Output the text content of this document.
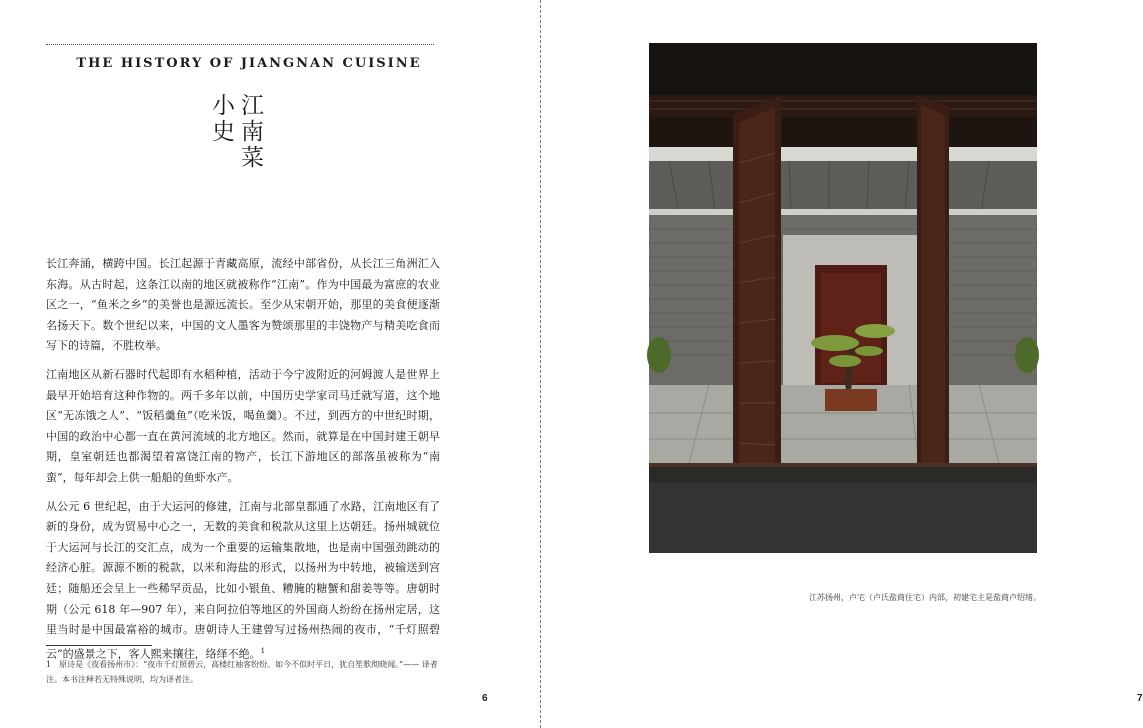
THE HISTORY OF JIANGNAN CUISINE
江
南
菜
小
史

长江奔涌，横跨中国。长江起源于青藏高原，流经中部省份，从长江三角洲汇入东海。从古时起，这条江以南的地区就被称作“江南”。作为中国最为富庶的农业区之一，“鱼米之乡”的美誉也是源远流长。至少从宋朝开始，那里的美食便逐渐名扬天下。数个世纪以来，中国的文人墨客为赞颂那里的丰饶物产与精美吃食而写下的诗篇，不胜枚举。

江南地区从新石器时代起即有水稻种植，活动于今宁波附近的河姆渡人是世界上最早开始培育这种作物的。两千多年以前，中国历史学家司马迁就写道，这个地区“无冻饿之人”、“饭稻羹鱼”（吃米饭，喝鱼羹）。不过，到西方的中世纪时期，中国的政治中心都一直在黄河流域的北方地区。然而，就算是在中国封建王朝早期，皇室朝廷也都渴望着富饶江南的物产，长江下游地区的部落虽被称为“南蛮”，每年却会上供一船船的鱼虾水产。

从公元 6 世纪起，由于大运河的修建，江南与北部皇都通了水路，江南地区有了新的身份，成为贸易中心之一，无数的美食和税款从这里上达朝廷。扬州城就位于大运河与长江的交汇点，成为一个重要的运输集散地，也是南中国强劲跳动的经济心脏。源源不断的税款，以米和海盐的形式，以扬州为中转地，被输送到宫廷；随船还会呈上一些稀罕贡品，比如小银鱼、糟腌的糖蟹和甜姜等等。唐朝时期（公元 618 年—907 年），来自阿拉伯等地区的外国商人纷纷在扬州定居，这里当时是中国最富裕的城市。唐朝诗人王建曾写过扬州热闹的夜市，“千灯照碧云”的盛景之下，客人熙来攘往，络绎不绝。$^1$

1　原诗是《夜看扬州市》：“夜市千灯照碧云，高楼红袖客纷纷。如今不似时平日，犹自笙歌彻晓闻。”—— 译者注。本书注释若无特殊说明，均为译者注。
6
江苏扬州，卢宅（卢氏盐商住宅）内部，初建宅主是盐商卢绍绪。
7
